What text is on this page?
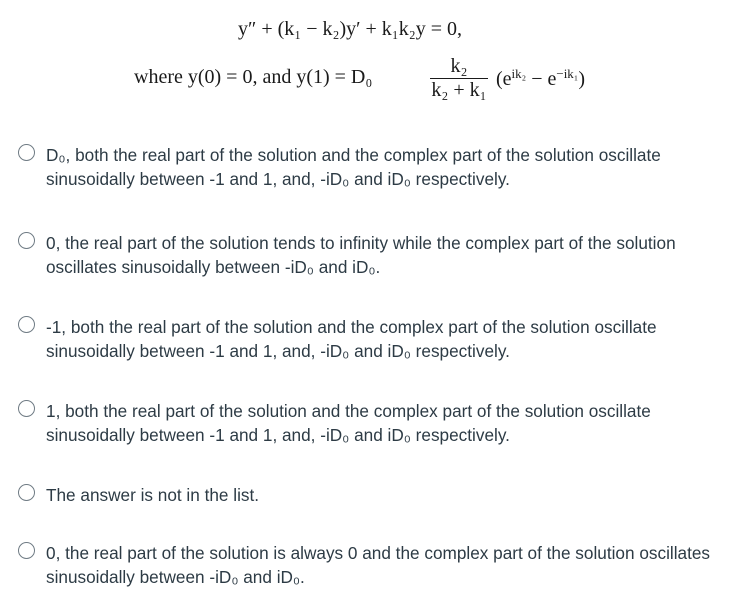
y″ + (k₁ − k₂)y′ + k₁k₂y = 0,
where y(0) = 0, and y(1) = D₀	k₂
k₂ + k₁ $(e^{ik_2} - e^{-ik_1})$
D₀, both the real part of the solution and the complex part of the solution oscillate sinusoidally between -1 and 1, and, -iD₀ and iD₀ respectively.
0, the real part of the solution tends to infinity while the complex part of the solution oscillates sinusoidally between -iD₀ and iD₀.
-1, both the real part of the solution and the complex part of the solution oscillate sinusoidally between -1 and 1, and, -iD₀ and iD₀ respectively.
1, both the real part of the solution and the complex part of the solution oscillate sinusoidally between -1 and 1, and, -iD₀ and iD₀ respectively.
The answer is not in the list.
0, the real part of the solution is always 0 and the complex part of the solution oscillates sinusoidally between -iD₀ and iD₀.
